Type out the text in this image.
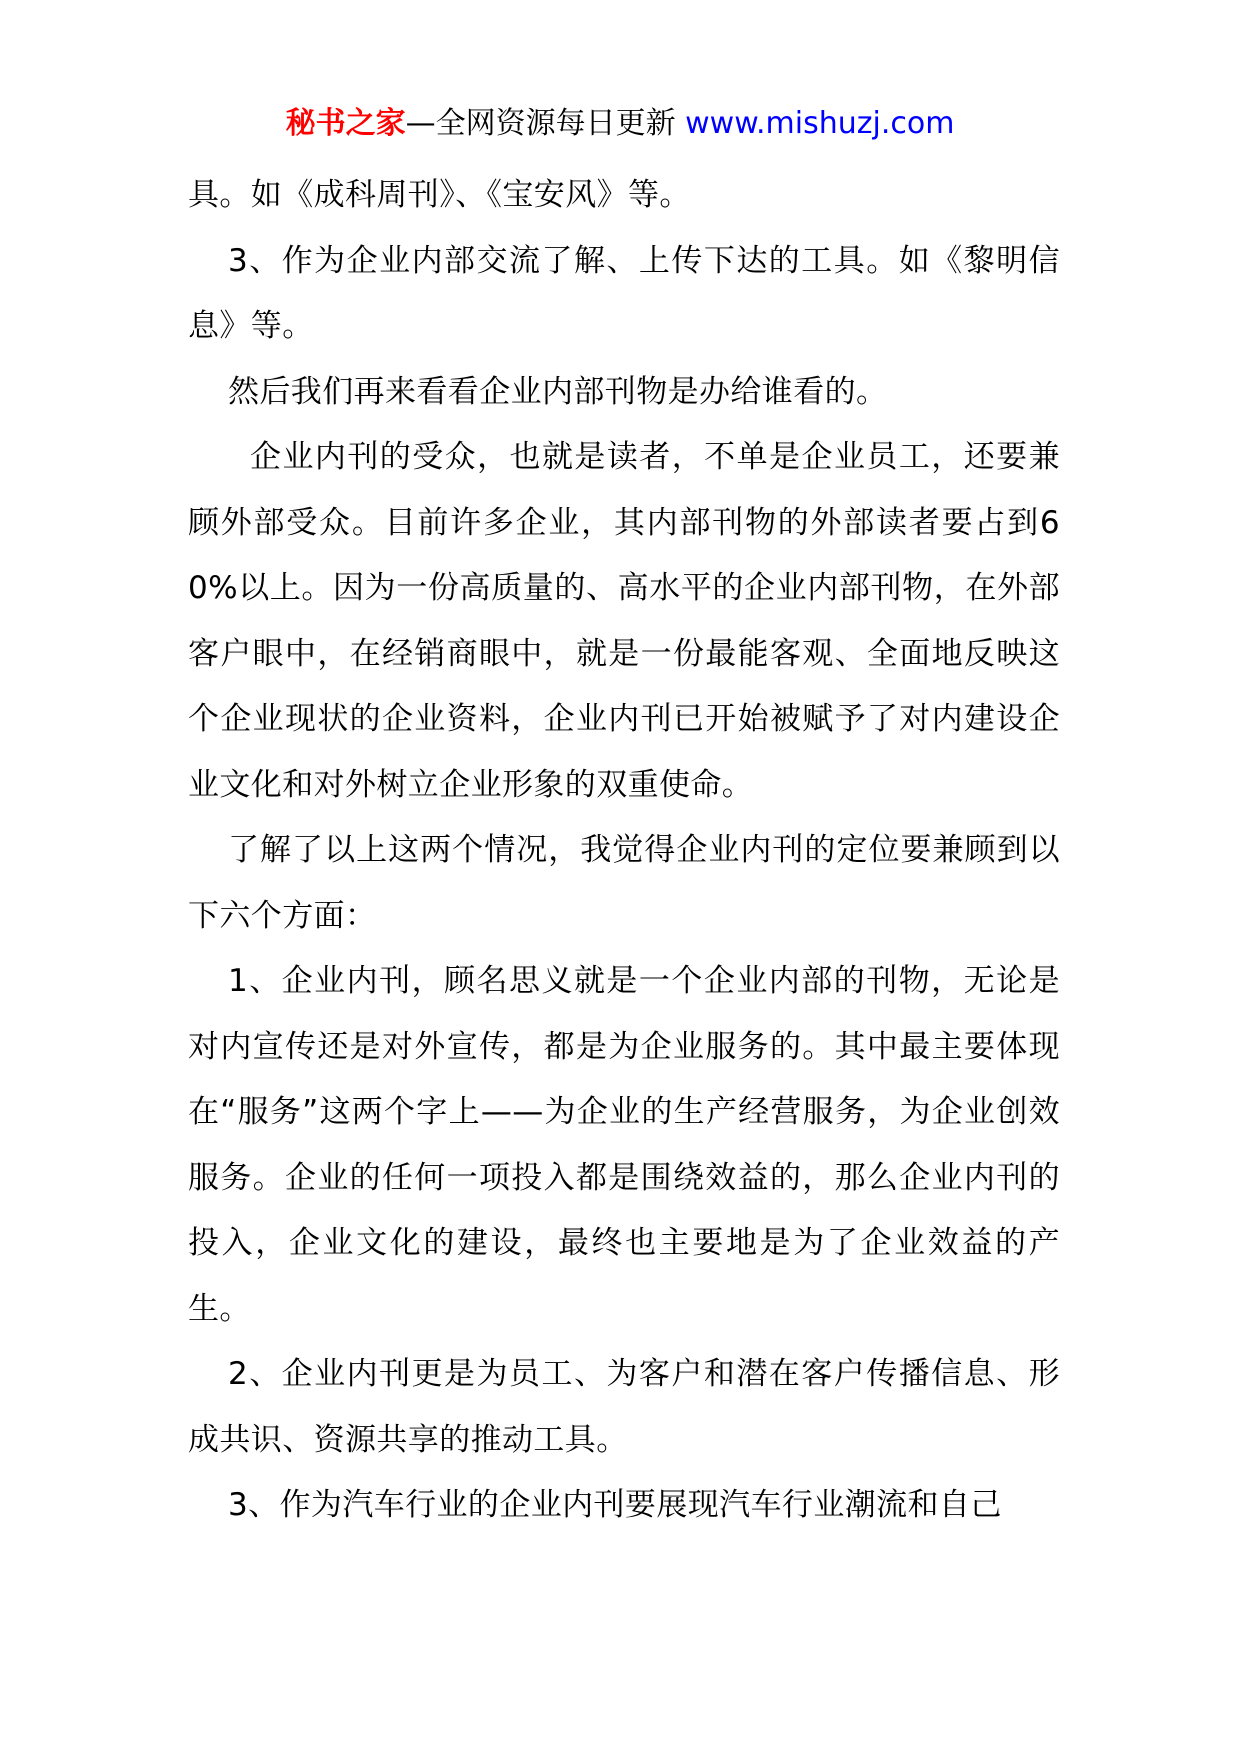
秘书之家—全网资源每日更新 www.mishuzj.com

具。如《成科周刊》、《宝安风》等。

3、作为企业内部交流了解、上传下达的工具。如《黎明信息》等。

然后我们再来看看企业内部刊物是办给谁看的。

企业内刊的受众，也就是读者，不单是企业员工，还要兼顾外部受众。目前许多企业，其内部刊物的外部读者要占到60%以上。因为一份高质量的、高水平的企业内部刊物，在外部客户眼中，在经销商眼中，就是一份最能客观、全面地反映这个企业现状的企业资料，企业内刊已开始被赋予了对内建设企业文化和对外树立企业形象的双重使命。

了解了以上这两个情况，我觉得企业内刊的定位要兼顾到以下六个方面：

1、企业内刊，顾名思义就是一个企业内部的刊物，无论是对内宣传还是对外宣传，都是为企业服务的。其中最主要体现在“服务”这两个字上——为企业的生产经营服务，为企业创效服务。企业的任何一项投入都是围绕效益的，那么企业内刊的投入，企业文化的建设，最终也主要地是为了企业效益的产生。

2、企业内刊更是为员工、为客户和潜在客户传播信息、形成共识、资源共享的推动工具。

3、作为汽车行业的企业内刊要展现汽车行业潮流和自己
